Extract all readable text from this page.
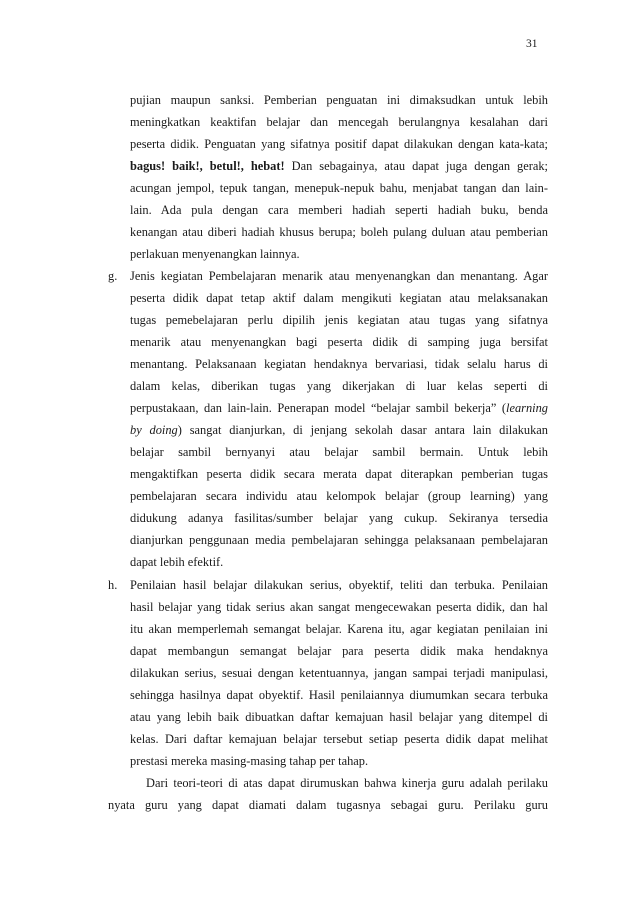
31
pujian maupun sanksi. Pemberian penguatan ini dimaksudkan untuk lebih
meningkatkan keaktifan belajar dan mencegah berulangnya kesalahan dari
peserta didik. Penguatan yang sifatnya positif dapat dilakukan dengan kata-kata;
bagus! baik!, betul!, hebat! Dan sebagainya, atau dapat juga dengan gerak;
acungan jempol, tepuk tangan, menepuk-nepuk bahu, menjabat tangan dan lain-
lain. Ada pula dengan cara memberi hadiah seperti hadiah buku, benda
kenangan atau diberi hadiah khusus berupa; boleh pulang duluan atau pemberian
perlakuan menyenangkan lainnya.
g. Jenis kegiatan Pembelajaran menarik atau menyenangkan dan menantang. Agar
peserta didik dapat tetap aktif dalam mengikuti kegiatan atau melaksanakan
tugas pemebelajaran perlu dipilih jenis kegiatan atau tugas yang sifatnya
menarik atau menyenangkan bagi peserta didik di samping juga bersifat
menantang. Pelaksanaan kegiatan hendaknya bervariasi, tidak selalu harus di
dalam kelas, diberikan tugas yang dikerjakan di luar kelas seperti di
perpustakaan, dan lain-lain. Penerapan model “belajar sambil bekerja” (learning
by doing) sangat dianjurkan, di jenjang sekolah dasar antara lain dilakukan
belajar sambil bernyanyi atau belajar sambil bermain. Untuk lebih
mengaktifkan peserta didik secara merata dapat diterapkan pemberian tugas
pembelajaran secara individu atau kelompok belajar (group learning) yang
didukung adanya fasilitas/sumber belajar yang cukup. Sekiranya tersedia
dianjurkan penggunaan media pembelajaran sehingga pelaksanaan pembelajaran
dapat lebih efektif.
h. Penilaian hasil belajar dilakukan serius, obyektif, teliti dan terbuka. Penilaian
hasil belajar yang tidak serius akan sangat mengecewakan peserta didik, dan hal
itu akan memperlemah semangat belajar. Karena itu, agar kegiatan penilaian ini
dapat membangun semangat belajar para peserta didik maka hendaknya
dilakukan serius, sesuai dengan ketentuannya, jangan sampai terjadi manipulasi,
sehingga hasilnya dapat obyektif. Hasil penilaiannya diumumkan secara terbuka
atau yang lebih baik dibuatkan daftar kemajuan hasil belajar yang ditempel di
kelas. Dari daftar kemajuan belajar tersebut setiap peserta didik dapat melihat
prestasi mereka masing-masing tahap per tahap.
Dari teori-teori di atas dapat dirumuskan bahwa kinerja guru adalah perilaku
nyata guru yang dapat diamati dalam tugasnya sebagai guru. Perilaku guru
